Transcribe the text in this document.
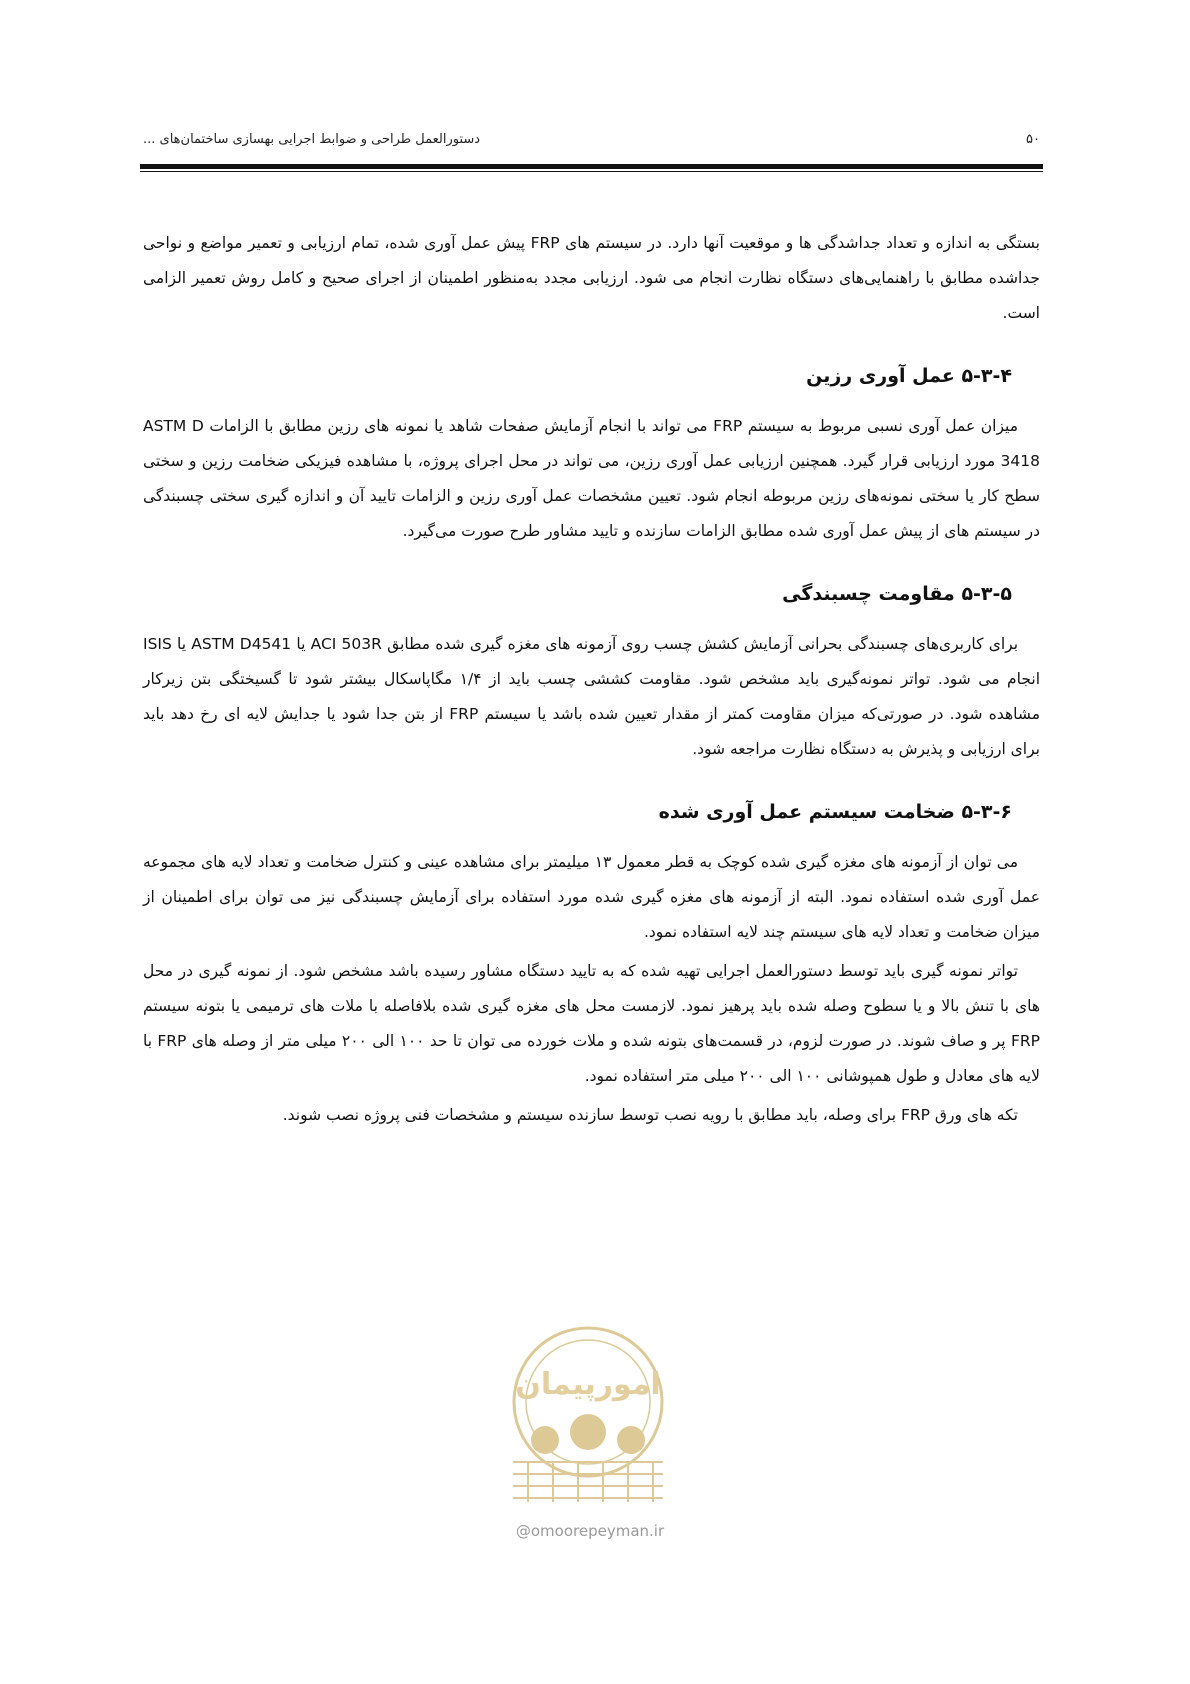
۵۰
دستورالعمل طراحی و ضوابط اجرایی بهسازی ساختمان‌های ...

بستگی به اندازه و تعداد جداشدگی ها و موقعیت آنها دارد. در سیستم های FRP پیش عمل آوری شده، تمام ارزیابی و تعمیر مواضع و نواحی جداشده مطابق با راهنمایی‌های دستگاه نظارت انجام می شود. ارزیابی مجدد به‌منظور اطمینان از اجرای صحیح و کامل روش تعمیر الزامی است.

۵-۳-۴ عمل آوری رزین

میزان عمل آوری نسبی مربوط به سیستم FRP می تواند با انجام آزمایش صفحات شاهد یا نمونه های رزین مطابق با الزامات ASTM D 3418 مورد ارزیابی قرار گیرد. همچنین ارزیابی عمل آوری رزین، می تواند در محل اجرای پروژه، با مشاهده فیزیکی ضخامت رزین و سختی سطح کار یا سختی نمونه‌های رزین مربوطه انجام شود. تعیین مشخصات عمل آوری رزین و الزامات تایید آن و اندازه گیری سختی چسبندگی در سیستم های از پیش عمل آوری شده مطابق الزامات سازنده و تایید مشاور طرح صورت می‌گیرد.

۵-۳-۵ مقاومت چسبندگی

برای کاربری‌های چسبندگی بحرانی آزمایش کشش چسب روی آزمونه های مغزه گیری شده مطابق ACI 503R یا ASTM D4541 یا ISIS انجام می شود. تواتر نمونه‌گیری باید مشخص شود. مقاومت کششی چسب باید از ۱/۴ مگاپاسکال بیشتر شود تا گسیختگی بتن زیرکار مشاهده شود. در صورتی‌که میزان مقاومت کمتر از مقدار تعیین شده باشد یا سیستم FRP از بتن جدا شود یا جدایش لایه ای رخ دهد باید برای ارزیابی و پذیرش به دستگاه نظارت مراجعه شود.

۵-۳-۶ ضخامت سیستم عمل آوری شده

می توان از آزمونه های مغزه گیری شده کوچک به قطر معمول ۱۳ میلیمتر برای مشاهده عینی و کنترل ضخامت و تعداد لایه های مجموعه عمل آوری شده استفاده نمود. البته از آزمونه های مغزه گیری شده مورد استفاده برای آزمایش چسبندگی نیز می توان برای اطمینان از میزان ضخامت و تعداد لایه های سیستم چند لایه استفاده نمود.

تواتر نمونه گیری باید توسط دستورالعمل اجرایی تهیه شده که به تایید دستگاه مشاور رسیده باشد مشخص شود. از نمونه گیری در محل های با تنش بالا و یا سطوح وصله شده باید پرهیز نمود. لازمست محل های مغزه گیری شده بلافاصله با ملات های ترمیمی یا بتونه سیستم FRP پر و صاف شوند. در صورت لزوم، در قسمت‌های بتونه شده و ملات خورده می توان تا حد ۱۰۰ الی ۲۰۰ میلی متر از وصله های FRP با لایه های معادل و طول همپوشانی ۱۰۰ الی ۲۰۰ میلی متر استفاده نمود.

تکه های ورق FRP برای وصله، باید مطابق با رویه نصب توسط سازنده سیستم و مشخصات فنی پروژه نصب شوند.

امورپیمان
@omoorepeyman.ir
